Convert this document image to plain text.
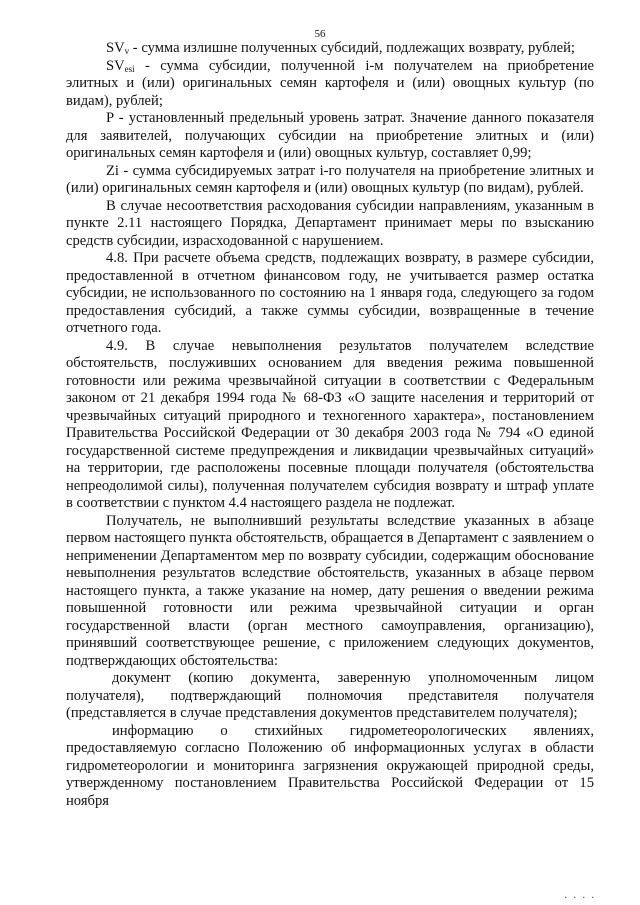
56

$SV_v$ - сумма излишне полученных субсидий, подлежащих возврату, рублей;

$SV_{esi}$ - сумма субсидии, полученной i-м получателем на приобретение элитных и (или) оригинальных семян картофеля и (или) овощных культур (по видам), рублей;

P - установленный предельный уровень затрат. Значение данного показателя для заявителей, получающих субсидии на приобретение элитных и (или) оригинальных семян картофеля и (или) овощных культур, составляет 0,99;

Zi - сумма субсидируемых затрат i-го получателя на приобретение элитных и (или) оригинальных семян картофеля и (или) овощных культур (по видам), рублей.

В случае несоответствия расходования субсидии направлениям, указанным в пункте 2.11 настоящего Порядка, Департамент принимает меры по взысканию средств субсидии, израсходованной с нарушением.

4.8. При расчете объема средств, подлежащих возврату, в размере субсидии, предоставленной в отчетном финансовом году, не учитывается размер остатка субсидии, не использованного по состоянию на 1 января года, следующего за годом предоставления субсидий, а также суммы субсидии, возвращенные в течение отчетного года.

4.9. В случае невыполнения результатов получателем вследствие обстоятельств, послуживших основанием для введения режима повышенной готовности или режима чрезвычайной ситуации в соответствии с Федеральным законом от 21 декабря 1994 года № 68-ФЗ «О защите населения и территорий от чрезвычайных ситуаций природного и техногенного характера», постановлением Правительства Российской Федерации от 30 декабря 2003 года № 794 «О единой государственной системе предупреждения и ликвидации чрезвычайных ситуаций» на территории, где расположены посевные площади получателя (обстоятельства непреодолимой силы), полученная получателем субсидия возврату и штраф уплате в соответствии с пунктом 4.4 настоящего раздела не подлежат.

Получатель, не выполнивший результаты вследствие указанных в абзаце первом настоящего пункта обстоятельств, обращается в Департамент с заявлением о неприменении Департаментом мер по возврату субсидии, содержащим обоснование невыполнения результатов вследствие обстоятельств, указанных в абзаце первом настоящего пункта, а также указание на номер, дату решения о введении режима повышенной готовности или режима чрезвычайной ситуации и орган государственной власти (орган местного самоуправления, организацию), принявший соответствующее решение, с приложением следующих документов, подтверждающих обстоятельства:

документ (копию документа, заверенную уполномоченным лицом получателя), подтверждающий полномочия представителя получателя (представляется в случае представления документов представителем получателя);

информацию о стихийных гидрометеорологических явлениях, предоставляемую согласно Положению об информационных услугах в области гидрометеорологии и мониторинга загрязнения окружающей природной среды, утвержденному постановлением Правительства Российской Федерации от 15 ноября

. . . .
